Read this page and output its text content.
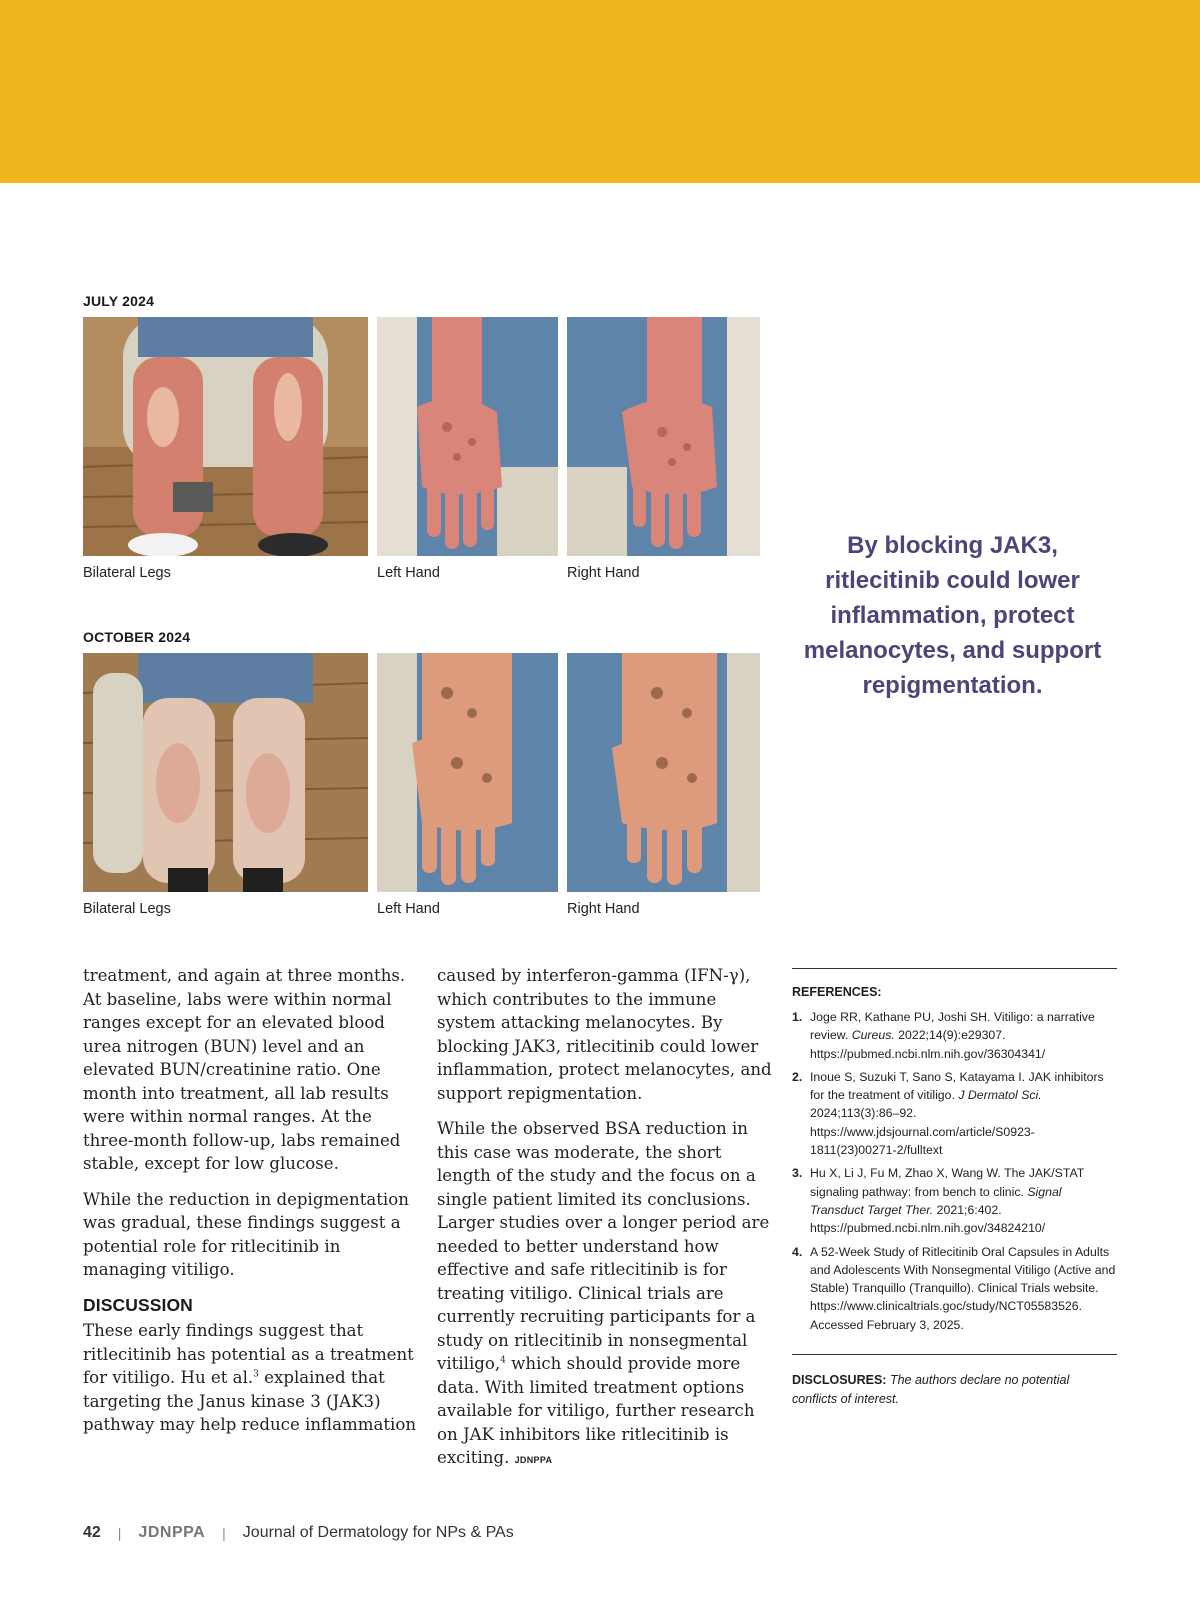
JULY 2024
Bilateral Legs	Left Hand	Right Hand
OCTOBER 2024
Bilateral Legs	Left Hand	Right Hand
By blocking JAK3, ritlecitinib could lower inflammation, protect melanocytes, and support repigmentation.

treatment, and again at three months. At baseline, labs were within normal ranges except for an elevated blood urea nitrogen (BUN) level and an elevated BUN/creatinine ratio. One month into treatment, all lab results were within normal ranges. At the three-month follow-up, labs remained stable, except for low glucose.

While the reduction in depigmentation was gradual, these findings suggest a potential role for ritlecitinib in managing vitiligo.

DISCUSSION

These early findings suggest that ritlecitinib has potential as a treatment for vitiligo. Hu et al.$^3$ explained that targeting the Janus kinase 3 (JAK3) pathway may help reduce inflammation

caused by interferon-gamma (IFN-γ), which contributes to the immune system attacking melanocytes. By blocking JAK3, ritlecitinib could lower inflammation, protect melanocytes, and support repigmentation.

While the observed BSA reduction in this case was moderate, the short length of the study and the focus on a single patient limited its conclusions. Larger studies over a longer period are needed to better understand how effective and safe ritlecitinib is for treating vitiligo. Clinical trials are currently recruiting participants for a study on ritlecitinib in nonsegmental vitiligo,$^4$ which should provide more data. With limited treatment options available for vitiligo, further research on JAK inhibitors like ritlecitinib is exciting. JDNPPA

REFERENCES:
1. Joge RR, Kathane PU, Joshi SH. Vitiligo: a narrative review. Cureus. 2022;14(9):e29307. https://pubmed.ncbi.nlm.nih.gov/36304341/
2. Inoue S, Suzuki T, Sano S, Katayama I. JAK inhibitors for the treatment of vitiligo. J Dermatol Sci. 2024;113(3):86–92. https://www.jdsjournal.com/article/S0923-1811(23)00271-2/fulltext
3. Hu X, Li J, Fu M, Zhao X, Wang W. The JAK/STAT signaling pathway: from bench to clinic. Signal Transduct Target Ther. 2021;6:402. https://pubmed.ncbi.nlm.nih.gov/34824210/
4. A 52-Week Study of Ritlecitinib Oral Capsules in Adults and Adolescents With Nonsegmental Vitiligo (Active and Stable) Tranquillo (Tranquillo). Clinical Trials website. https://www.clinicaltrials.goc/study/NCT05583526. Accessed February 3, 2025.
DISCLOSURES: The authors declare no potential conflicts of interest.
42 | JDNPPA | Journal of Dermatology for NPs & PAs
